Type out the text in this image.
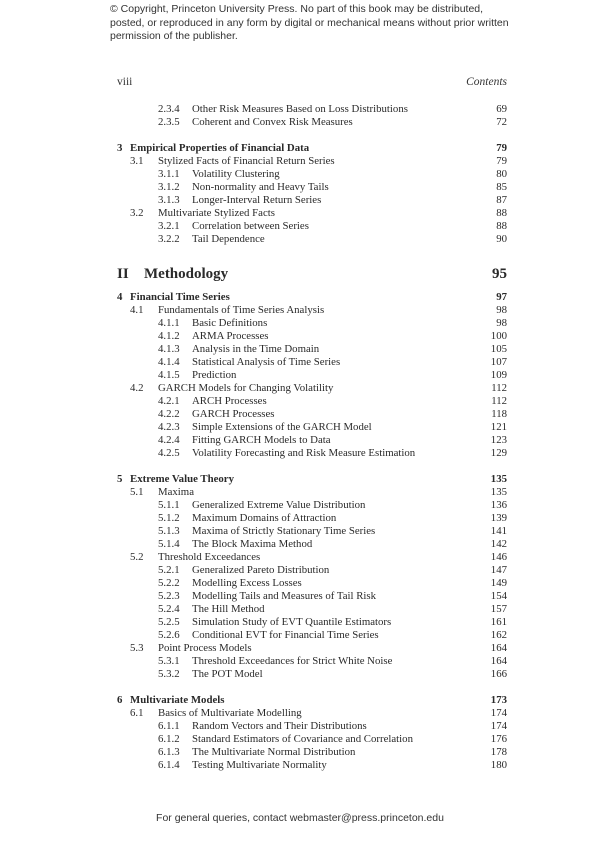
© Copyright, Princeton University Press. No part of this book may be distributed, posted, or reproduced in any form by digital or mechanical means without prior written permission of the publisher.
viii	Contents
2.3.4 Other Risk Measures Based on Loss Distributions	69
2.3.5 Coherent and Convex Risk Measures	72
3 Empirical Properties of Financial Data	79
3.1 Stylized Facts of Financial Return Series	79
3.1.1 Volatility Clustering	80
3.1.2 Non-normality and Heavy Tails	85
3.1.3 Longer-Interval Return Series	87
3.2 Multivariate Stylized Facts	88
3.2.1 Correlation between Series	88
3.2.2 Tail Dependence	90
II Methodology	95
4 Financial Time Series	97
4.1 Fundamentals of Time Series Analysis	98
4.1.1 Basic Definitions	98
4.1.2 ARMA Processes	100
4.1.3 Analysis in the Time Domain	105
4.1.4 Statistical Analysis of Time Series	107
4.1.5 Prediction	109
4.2 GARCH Models for Changing Volatility	112
4.2.1 ARCH Processes	112
4.2.2 GARCH Processes	118
4.2.3 Simple Extensions of the GARCH Model	121
4.2.4 Fitting GARCH Models to Data	123
4.2.5 Volatility Forecasting and Risk Measure Estimation	129
5 Extreme Value Theory	135
5.1 Maxima	135
5.1.1 Generalized Extreme Value Distribution	136
5.1.2 Maximum Domains of Attraction	139
5.1.3 Maxima of Strictly Stationary Time Series	141
5.1.4 The Block Maxima Method	142
5.2 Threshold Exceedances	146
5.2.1 Generalized Pareto Distribution	147
5.2.2 Modelling Excess Losses	149
5.2.3 Modelling Tails and Measures of Tail Risk	154
5.2.4 The Hill Method	157
5.2.5 Simulation Study of EVT Quantile Estimators	161
5.2.6 Conditional EVT for Financial Time Series	162
5.3 Point Process Models	164
5.3.1 Threshold Exceedances for Strict White Noise	164
5.3.2 The POT Model	166
6 Multivariate Models	173
6.1 Basics of Multivariate Modelling	174
6.1.1 Random Vectors and Their Distributions	174
6.1.2 Standard Estimators of Covariance and Correlation	176
6.1.3 The Multivariate Normal Distribution	178
6.1.4 Testing Multivariate Normality	180
For general queries, contact webmaster@press.princeton.edu
